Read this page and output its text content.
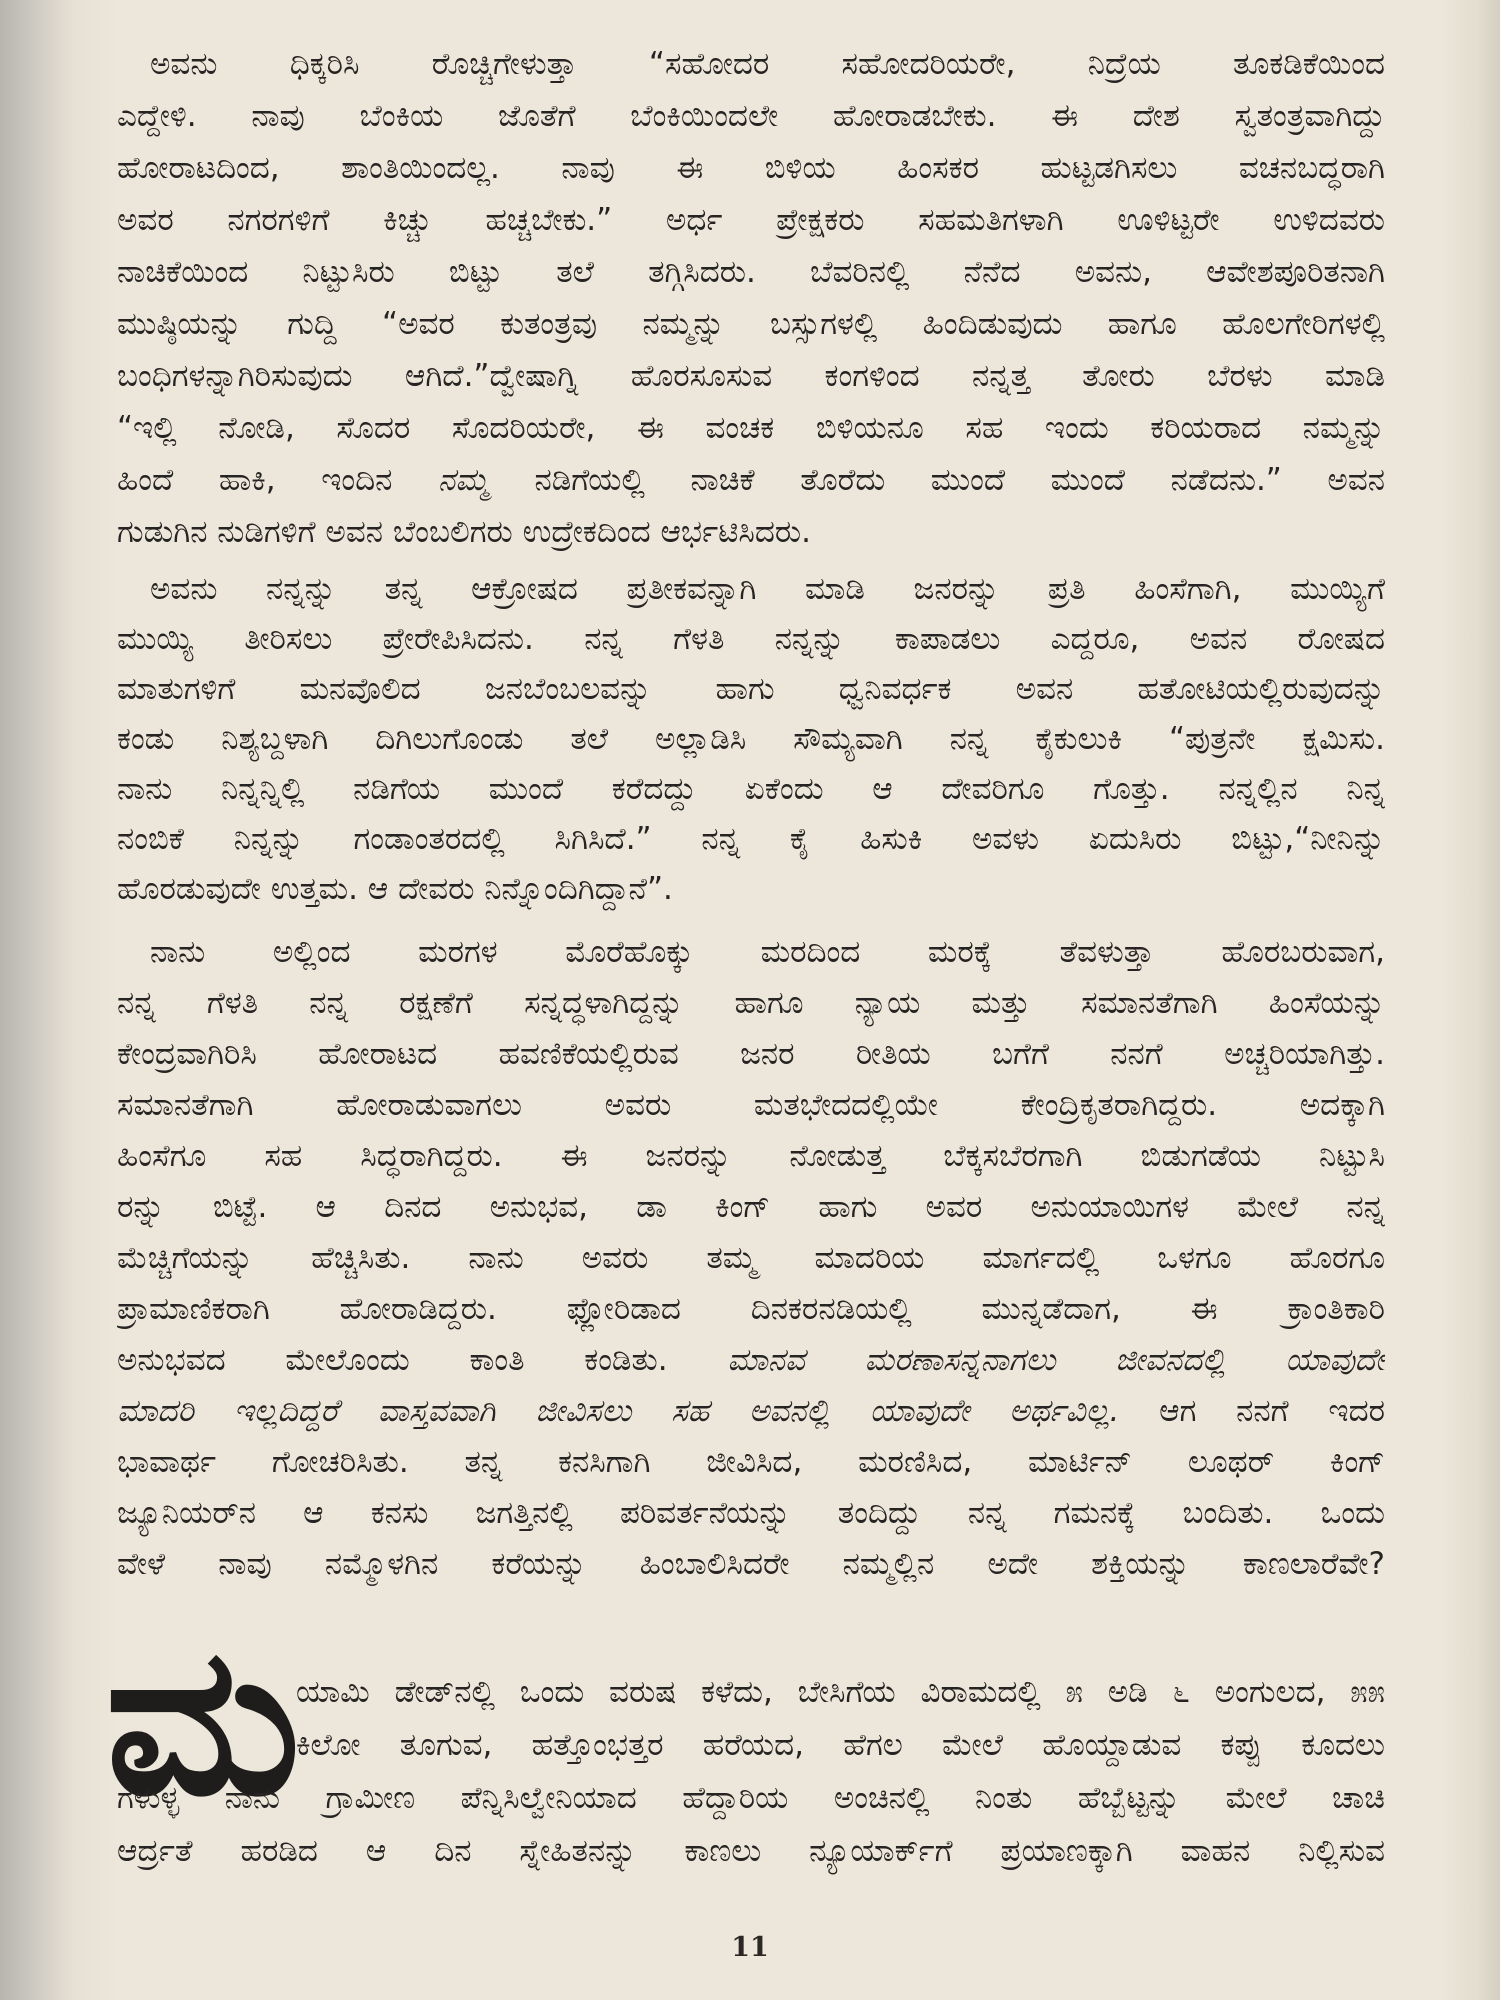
ಅವನು ಧಿಕ್ಕರಿಸಿ ರೊಚ್ಚಿಗೇಳುತ್ತಾ “ಸಹೋದರ ಸಹೋದರಿಯರೇ, ನಿದ್ರೆಯ ತೂಕಡಿಕೆಯಿಂದ
ಎದ್ದೇಳಿ. ನಾವು ಬೆಂಕಿಯ ಜೊತೆಗೆ ಬೆಂಕಿಯಿಂದಲೇ ಹೋರಾಡಬೇಕು. ಈ ದೇಶ ಸ್ವತಂತ್ರವಾಗಿದ್ದು
ಹೋರಾಟದಿಂದ, ಶಾಂತಿಯಿಂದಲ್ಲ. ನಾವು ಈ ಬಿಳಿಯ ಹಿಂಸಕರ ಹುಟ್ಟಡಗಿಸಲು ವಚನಬದ್ಧರಾಗಿ
ಅವರ ನಗರಗಳಿಗೆ ಕಿಚ್ಚು ಹಚ್ಚಬೇಕು.” ಅರ್ಧ ಪ್ರೇಕ್ಷಕರು ಸಹಮತಿಗಳಾಗಿ ಊಳಿಟ್ಟರೇ ಉಳಿದವರು
ನಾಚಿಕೆಯಿಂದ ನಿಟ್ಟುಸಿರು ಬಿಟ್ಟು ತಲೆ ತಗ್ಗಿಸಿದರು. ಬೆವರಿನಲ್ಲಿ ನೆನೆದ ಅವನು, ಆವೇಶಪೂರಿತನಾಗಿ
ಮುಷ್ಠಿಯನ್ನು ಗುದ್ದಿ “ಅವರ ಕುತಂತ್ರವು ನಮ್ಮನ್ನು ಬಸ್ಸುಗಳಲ್ಲಿ ಹಿಂದಿಡುವುದು ಹಾಗೂ ಹೊಲಗೇರಿಗಳಲ್ಲಿ
ಬಂಧಿಗಳನ್ನಾಗಿರಿಸುವುದು ಆಗಿದೆ.”ದ್ವೇಷಾಗ್ನಿ ಹೊರಸೂಸುವ ಕಂಗಳಿಂದ ನನ್ನತ್ತ ತೋರು ಬೆರಳು ಮಾಡಿ
“ಇಲ್ಲಿ ನೋಡಿ, ಸೊದರ ಸೊದರಿಯರೇ, ಈ ವಂಚಕ ಬಿಳಿಯನೂ ಸಹ ಇಂದು ಕರಿಯರಾದ ನಮ್ಮನ್ನು
ಹಿಂದೆ ಹಾಕಿ, ಇಂದಿನ ನಮ್ಮ ನಡಿಗೆಯಲ್ಲಿ ನಾಚಿಕೆ ತೊರೆದು ಮುಂದೆ ಮುಂದೆ ನಡೆದನು.” ಅವನ
ಗುಡುಗಿನ ನುಡಿಗಳಿಗೆ ಅವನ ಬೆಂಬಲಿಗರು ಉದ್ರೇಕದಿಂದ ಆರ್ಭಟಿಸಿದರು.
ಅವನು ನನ್ನನ್ನು ತನ್ನ ಆಕ್ರೋಷದ ಪ್ರತೀಕವನ್ನಾಗಿ ಮಾಡಿ ಜನರನ್ನು ಪ್ರತಿ ಹಿಂಸೆಗಾಗಿ, ಮುಯ್ಯಿಗೆ
ಮುಯ್ಯಿ ತೀರಿಸಲು ಪ್ರೇರೇಪಿಸಿದನು. ನನ್ನ ಗೆಳತಿ ನನ್ನನ್ನು ಕಾಪಾಡಲು ಎದ್ದರೂ, ಅವನ ರೋಷದ
ಮಾತುಗಳಿಗೆ ಮನವೊಲಿದ ಜನಬೆಂಬಲವನ್ನು ಹಾಗು ಧ್ವನಿವರ್ಧಕ ಅವನ ಹತೋಟಿಯಲ್ಲಿರುವುದನ್ನು
ಕಂಡು ನಿಶ್ಯಬ್ದಳಾಗಿ ದಿಗಿಲುಗೊಂಡು ತಲೆ ಅಲ್ಲಾಡಿಸಿ ಸೌಮ್ಯವಾಗಿ ನನ್ನ ಕೈಕುಲುಕಿ “ಪುತ್ರನೇ ಕ್ಷಮಿಸು.
ನಾನು ನಿನ್ನನ್ನಿಲ್ಲಿ ನಡಿಗೆಯ ಮುಂದೆ ಕರೆದದ್ದು ಏಕೆಂದು ಆ ದೇವರಿಗೂ ಗೊತ್ತು. ನನ್ನಲ್ಲಿನ ನಿನ್ನ
ನಂಬಿಕೆ ನಿನ್ನನ್ನು ಗಂಡಾಂತರದಲ್ಲಿ ಸಿಗಿಸಿದೆ.” ನನ್ನ ಕೈ ಹಿಸುಕಿ ಅವಳು ಏದುಸಿರು ಬಿಟ್ಟು,“ನೀನಿನ್ನು
ಹೊರಡುವುದೇ ಉತ್ತಮ. ಆ ದೇವರು ನಿನ್ನೊಂದಿಗಿದ್ದಾನೆ”.
ನಾನು ಅಲ್ಲಿಂದ ಮರಗಳ ಮೊರೆಹೊಕ್ಕು ಮರದಿಂದ ಮರಕ್ಕೆ ತೆವಳುತ್ತಾ ಹೊರಬರುವಾಗ,
ನನ್ನ ಗೆಳತಿ ನನ್ನ ರಕ್ಷಣೆಗೆ ಸನ್ನದ್ಧಳಾಗಿದ್ದನ್ನು ಹಾಗೂ ನ್ಯಾಯ ಮತ್ತು ಸಮಾನತೆಗಾಗಿ ಹಿಂಸೆಯನ್ನು
ಕೇಂದ್ರವಾಗಿರಿಸಿ ಹೋರಾಟದ ಹವಣಿಕೆಯಲ್ಲಿರುವ ಜನರ ರೀತಿಯ ಬಗೆಗೆ ನನಗೆ ಅಚ್ಚರಿಯಾಗಿತ್ತು.
ಸಮಾನತೆಗಾಗಿ ಹೋರಾಡುವಾಗಲು ಅವರು ಮತಭೇದದಲ್ಲಿಯೇ ಕೇಂದ್ರಿಕೃತರಾಗಿದ್ದರು. ಅದಕ್ಕಾಗಿ
ಹಿಂಸೆಗೂ ಸಹ ಸಿದ್ಧರಾಗಿದ್ದರು. ಈ ಜನರನ್ನು ನೋಡುತ್ತ ಬೆಕ್ಕಸಬೆರಗಾಗಿ ಬಿಡುಗಡೆಯ ನಿಟ್ಟುಸಿ
ರನ್ನು ಬಿಟ್ಟೆ. ಆ ದಿನದ ಅನುಭವ, ಡಾ ಕಿಂಗ್ ಹಾಗು ಅವರ ಅನುಯಾಯಿಗಳ ಮೇಲೆ ನನ್ನ
ಮೆಚ್ಚಿಗೆಯನ್ನು ಹೆಚ್ಚಿಸಿತು. ನಾನು ಅವರು ತಮ್ಮ ಮಾದರಿಯ ಮಾರ್ಗದಲ್ಲಿ ಒಳಗೂ ಹೊರಗೂ
ಪ್ರಾಮಾಣಿಕರಾಗಿ ಹೋರಾಡಿದ್ದರು. ಫ್ಲೋರಿಡಾದ ದಿನಕರನಡಿಯಲ್ಲಿ ಮುನ್ನಡೆದಾಗ, ಈ ಕ್ರಾಂತಿಕಾರಿ
ಅನುಭವದ ಮೇಲೊಂದು ಕಾಂತಿ ಕಂಡಿತು. ಮಾನವ ಮರಣಾಸನ್ನನಾಗಲು ಜೀವನದಲ್ಲಿ ಯಾವುದೇ
ಮಾದರಿ ಇಲ್ಲದಿದ್ದರೆ ವಾಸ್ತವವಾಗಿ ಜೀವಿಸಲು ಸಹ ಅವನಲ್ಲಿ ಯಾವುದೇ ಅರ್ಥವಿಲ್ಲ. ಆಗ ನನಗೆ ಇದರ
ಭಾವಾರ್ಥ ಗೋಚರಿಸಿತು. ತನ್ನ ಕನಸಿಗಾಗಿ ಜೀವಿಸಿದ, ಮರಣಿಸಿದ, ಮಾರ್ಟಿನ್ ಲೂಥರ್ ಕಿಂಗ್
ಜ್ಯೂನಿಯರ್‌ನ ಆ ಕನಸು ಜಗತ್ತಿನಲ್ಲಿ ಪರಿವರ್ತನೆಯನ್ನು ತಂದಿದ್ದು ನನ್ನ ಗಮನಕ್ಕೆ ಬಂದಿತು. ಒಂದು
ವೇಳೆ ನಾವು ನಮ್ಮೊಳಗಿನ ಕರೆಯನ್ನು ಹಿಂಬಾಲಿಸಿದರೇ ನಮ್ಮಲ್ಲಿನ ಅದೇ ಶಕ್ತಿಯನ್ನು ಕಾಣಲಾರೆವೇ?
ಮ
ಯಾಮಿ ಡೇಡ್‌ನಲ್ಲಿ ಒಂದು ವರುಷ ಕಳೆದು, ಬೇಸಿಗೆಯ ವಿರಾಮದಲ್ಲಿ ೫ ಅಡಿ ೬ ಅಂಗುಲದ, ೫೫
ಕಿಲೋ ತೂಗುವ, ಹತ್ತೊಂಭತ್ತರ ಹರೆಯದ, ಹೆಗಲ ಮೇಲೆ ಹೊಯ್ದಾಡುವ ಕಪ್ಪು ಕೂದಲು
ಗಳುಳ್ಳ ನಾನು ಗ್ರಾಮೀಣ ಪೆನ್ನಿಸಿಲ್ವೇನಿಯಾದ ಹೆದ್ದಾರಿಯ ಅಂಚಿನಲ್ಲಿ ನಿಂತು ಹೆಬ್ಬೆಟ್ಟನ್ನು ಮೇಲೆ ಚಾಚಿ
ಆರ್ದ್ರತೆ ಹರಡಿದ ಆ ದಿನ ಸ್ನೇಹಿತನನ್ನು ಕಾಣಲು ನ್ಯೂಯಾರ್ಕ್‌ಗೆ ಪ್ರಯಾಣಕ್ಕಾಗಿ ವಾಹನ ನಿಲ್ಲಿಸುವ
11
